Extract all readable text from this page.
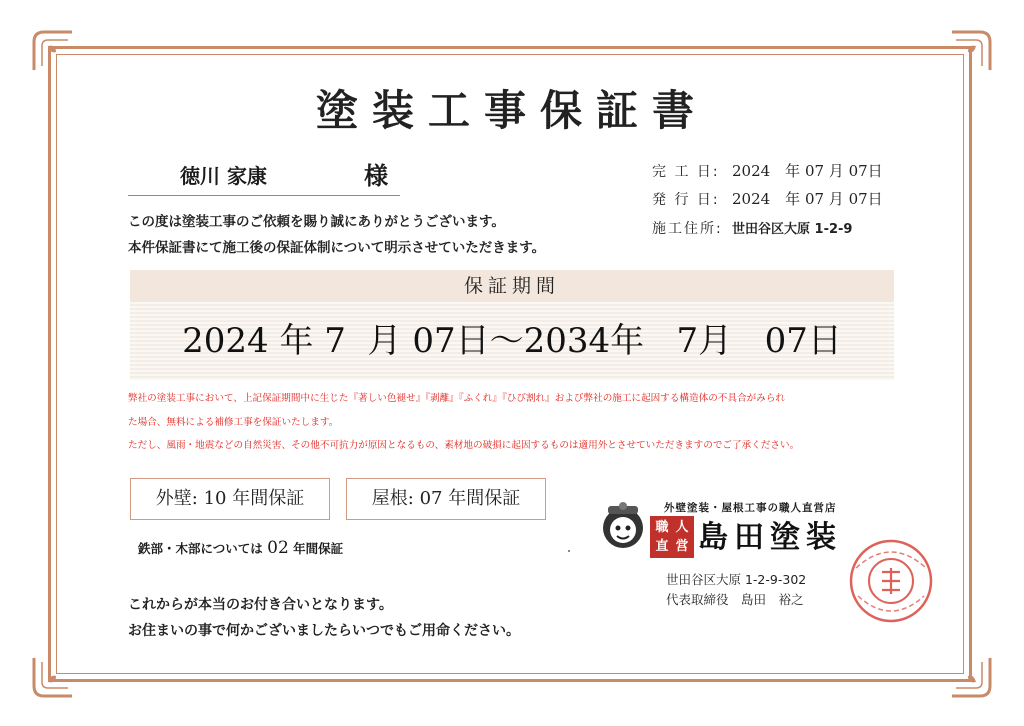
塗装工事保証書
徳川 家康	様
この度は塗装工事のご依頼を賜り誠にありがとうございます。
本件保証書にて施工後の保証体制について明示させていただきます。
完 工 日: 2024　年 07 月 07日
発 行 日: 2024　年 07 月 07日
施工住所: 世田谷区大原 1-2-9
保証期間
2024 年 7  月 07日～2034年   7月   07日
弊社の塗装工事において、上記保証期間中に生じた『著しい色褪せ』『剥離』『ふくれ』『ひび割れ』および弊社の施工に起因する構造体の不具合がみられ
た場合、無料による補修工事を保証いたします。
ただし、風雨・地震などの自然災害、その他不可抗力が原因となるもの、素材地の破損に起因するものは適用外とさせていただきますのでご了承ください。
外壁: 10 年間保証	屋根: 07 年間保証
鉄部・木部については 02 年間保証
これからが本当のお付き合いとなります。
お住まいの事で何かございましたらいつでもご用命ください。
職 人
直 営
外壁塗装・屋根工事の職人直営店
島田塗装
世田谷区大原 1-2-9-302
代表取締役　島田　裕之
